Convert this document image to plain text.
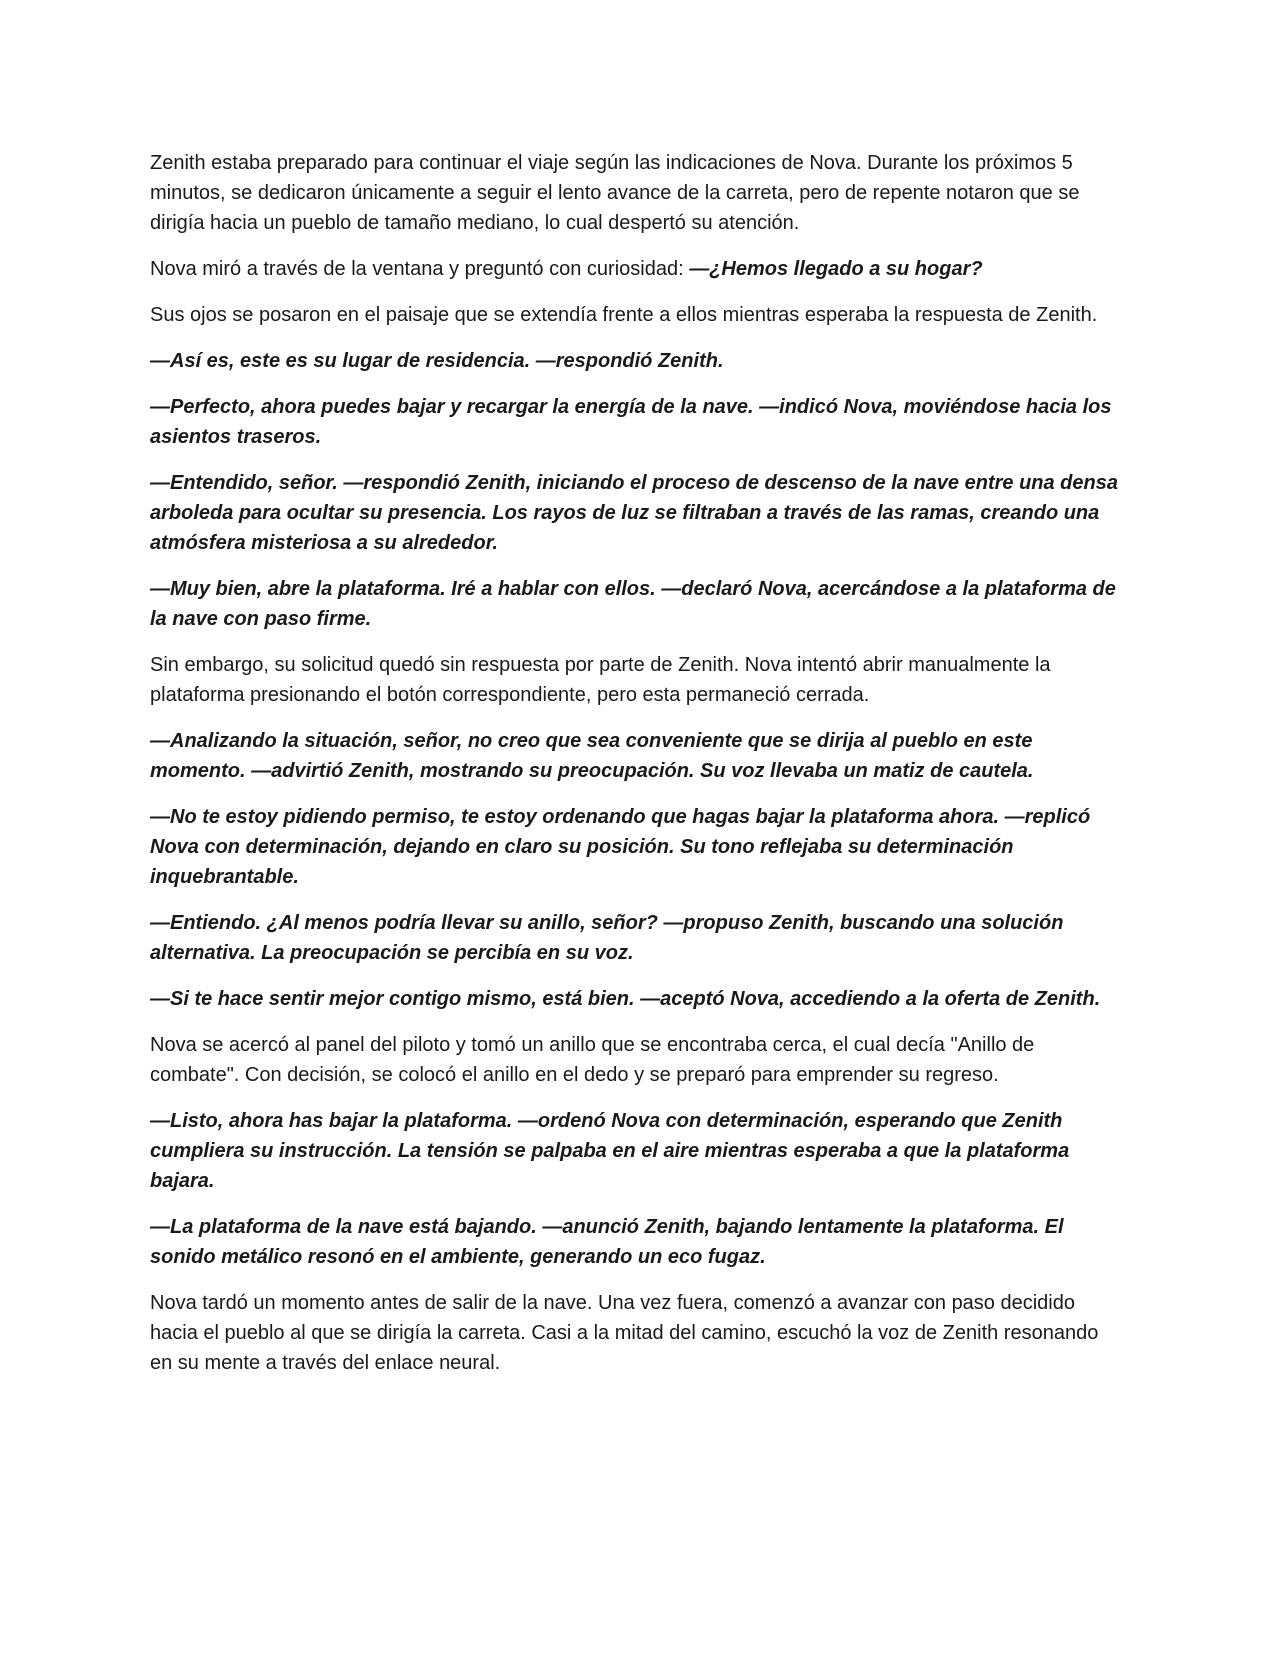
Zenith estaba preparado para continuar el viaje según las indicaciones de Nova. Durante los próximos 5 minutos, se dedicaron únicamente a seguir el lento avance de la carreta, pero de repente notaron que se dirigía hacia un pueblo de tamaño mediano, lo cual despertó su atención.

Nova miró a través de la ventana y preguntó con curiosidad: —¿Hemos llegado a su hogar?

Sus ojos se posaron en el paisaje que se extendía frente a ellos mientras esperaba la respuesta de Zenith.

—Así es, este es su lugar de residencia. —respondió Zenith.

—Perfecto, ahora puedes bajar y recargar la energía de la nave. —indicó Nova, moviéndose hacia los asientos traseros.

—Entendido, señor. —respondió Zenith, iniciando el proceso de descenso de la nave entre una densa arboleda para ocultar su presencia. Los rayos de luz se filtraban a través de las ramas, creando una atmósfera misteriosa a su alrededor.

—Muy bien, abre la plataforma. Iré a hablar con ellos. —declaró Nova, acercándose a la plataforma de la nave con paso firme.

Sin embargo, su solicitud quedó sin respuesta por parte de Zenith. Nova intentó abrir manualmente la plataforma presionando el botón correspondiente, pero esta permaneció cerrada.

—Analizando la situación, señor, no creo que sea conveniente que se dirija al pueblo en este momento. —advirtió Zenith, mostrando su preocupación. Su voz llevaba un matiz de cautela.

—No te estoy pidiendo permiso, te estoy ordenando que hagas bajar la plataforma ahora. —replicó Nova con determinación, dejando en claro su posición. Su tono reflejaba su determinación inquebrantable.

—Entiendo. ¿Al menos podría llevar su anillo, señor? —propuso Zenith, buscando una solución alternativa. La preocupación se percibía en su voz.

—Si te hace sentir mejor contigo mismo, está bien. —aceptó Nova, accediendo a la oferta de Zenith.

Nova se acercó al panel del piloto y tomó un anillo que se encontraba cerca, el cual decía "Anillo de combate". Con decisión, se colocó el anillo en el dedo y se preparó para emprender su regreso.

—Listo, ahora has bajar la plataforma. —ordenó Nova con determinación, esperando que Zenith cumpliera su instrucción. La tensión se palpaba en el aire mientras esperaba a que la plataforma bajara.

—La plataforma de la nave está bajando. —anunció Zenith, bajando lentamente la plataforma. El sonido metálico resonó en el ambiente, generando un eco fugaz.

Nova tardó un momento antes de salir de la nave. Una vez fuera, comenzó a avanzar con paso decidido hacia el pueblo al que se dirigía la carreta. Casi a la mitad del camino, escuchó la voz de Zenith resonando en su mente a través del enlace neural.
